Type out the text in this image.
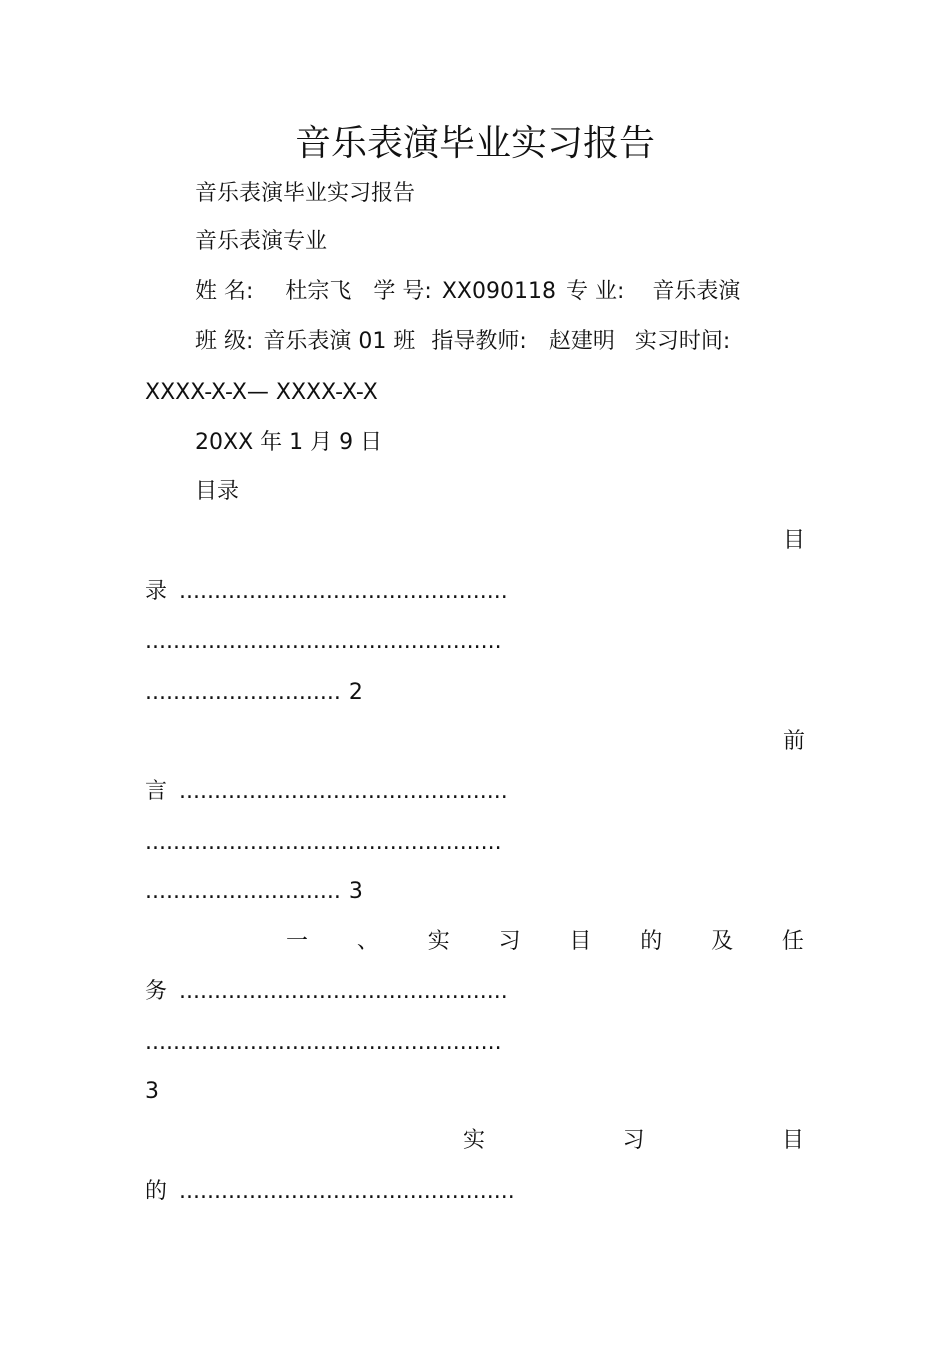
音乐表演毕业实习报告
音乐表演毕业实习报告
音乐表演专业
姓 名: 杜宗飞 学 号: XX090118 专 业: 音乐表演
班 级: 音乐表演 01 班 指导教师: 赵建明 实习时间:
XXXX-X-X— XXXX-X-X
20XX 年 1 月 9 日
目录
目
录 ...............................................
...................................................
............................ 2
前
言 ...............................................
...................................................
............................ 3
一 、 实 习 目 的 及 任
务 ...............................................
...................................................
3
实	习	目
的 ................................................
